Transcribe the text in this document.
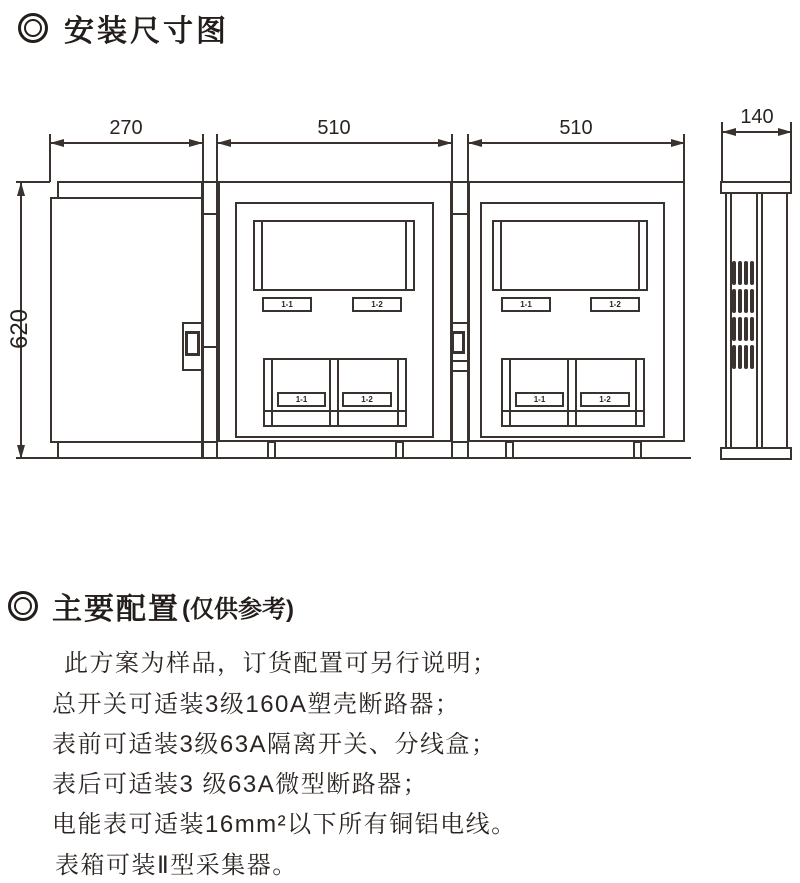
安装尺寸图
270	510	510	140
620
1-1	1-2
1-1	1-2
1-1	1-2
1-1	1-2
主要配置 (仅供参考)
此方案为样品，订货配置可另行说明；
总开关可适装3级160A塑壳断路器；
表前可适装3级63A隔离开关、分线盒；
表后可适装3 级63A微型断路器；
电能表可适装16mm²以下所有铜铝电线。
表箱可装Ⅱ型采集器。
